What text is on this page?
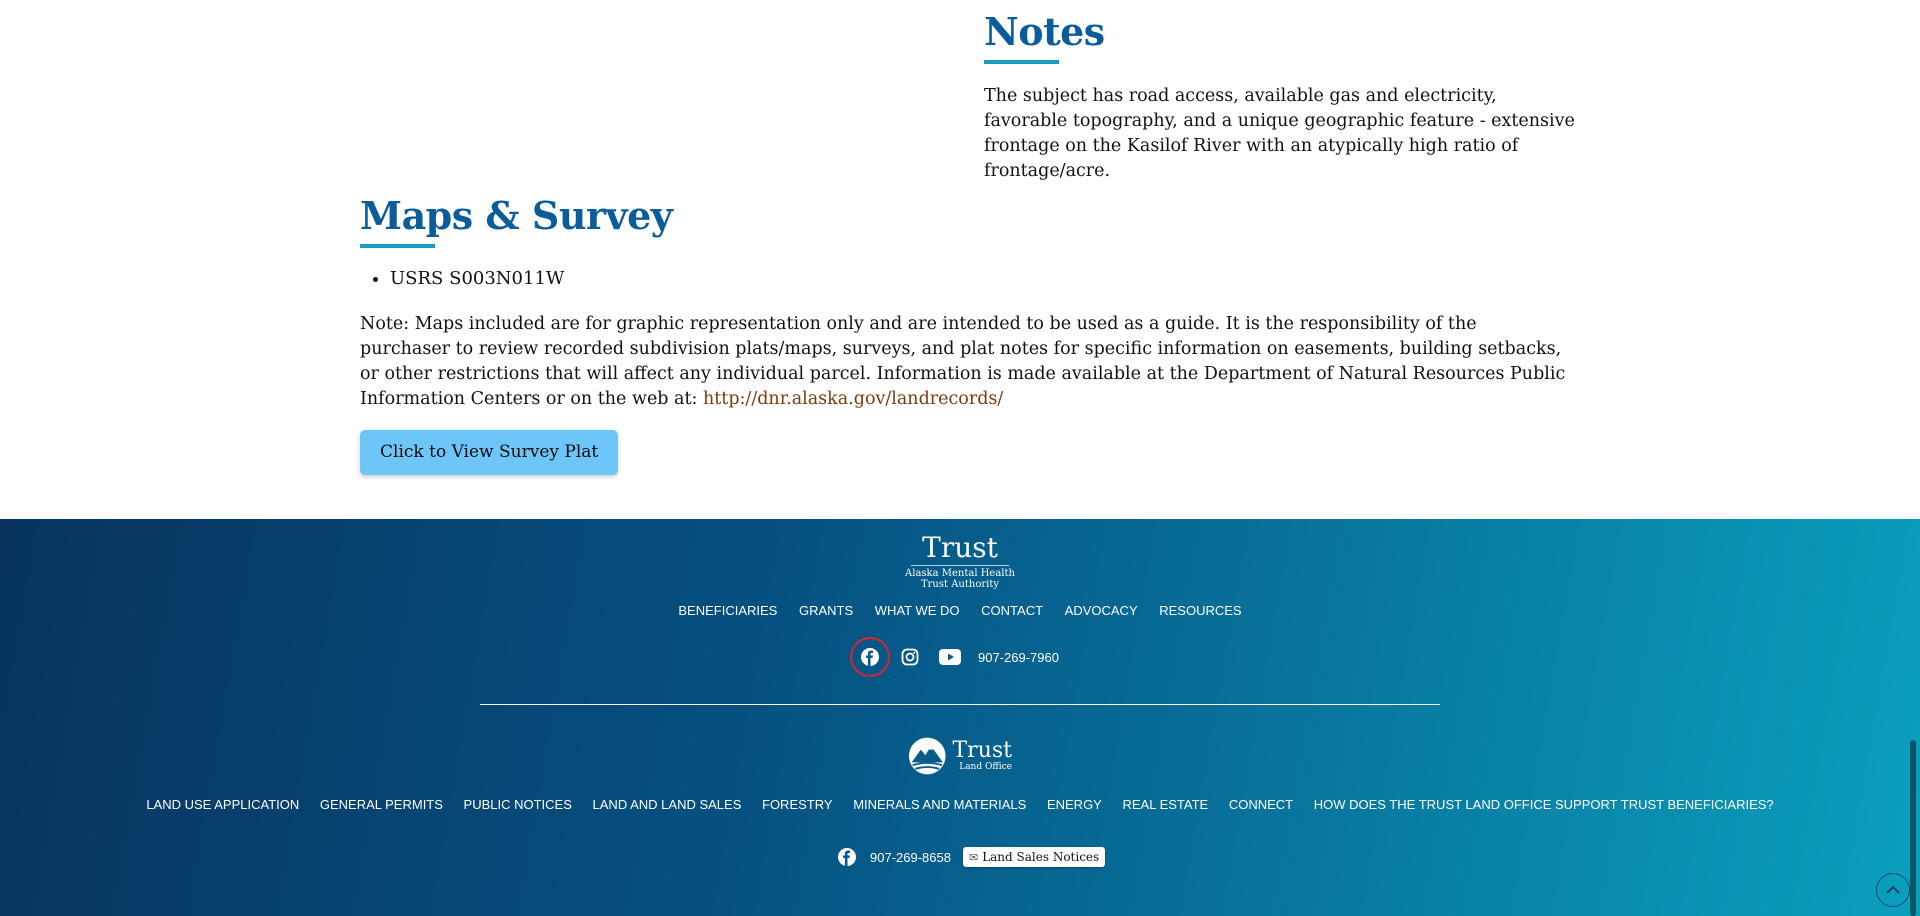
Notes

The subject has road access, available gas and electricity, favorable topography, and a unique geographic feature - extensive frontage on the Kasilof River with an atypically high ratio of frontage/acre.

Maps & Survey
• USRS S003N011W

Note: Maps included are for graphic representation only and are intended to be used as a guide. It is the responsibility of the purchaser to review recorded subdivision plats/maps, surveys, and plat notes for specific information on easements, building setbacks, or other restrictions that will affect any individual parcel. Information is made available at the Department of Natural Resources Public Information Centers or on the web at: http://dnr.alaska.gov/landrecords/

Click to View Survey Plat
Trust
Alaska Mental Health
Trust Authority
BENEFICIARIES GRANTS WHAT WE DO CONTACT ADVOCACY RESOURCES
907-269-7960
Trust
Land Office
LAND USE APPLICATION GENERAL PERMITS PUBLIC NOTICES LAND AND LAND SALES FORESTRY MINERALS AND MATERIALS ENERGY REAL ESTATE CONNECT HOW DOES THE TRUST LAND OFFICE SUPPORT TRUST BENEFICIARIES?
907-269-8658 ✉ Land Sales Notices
